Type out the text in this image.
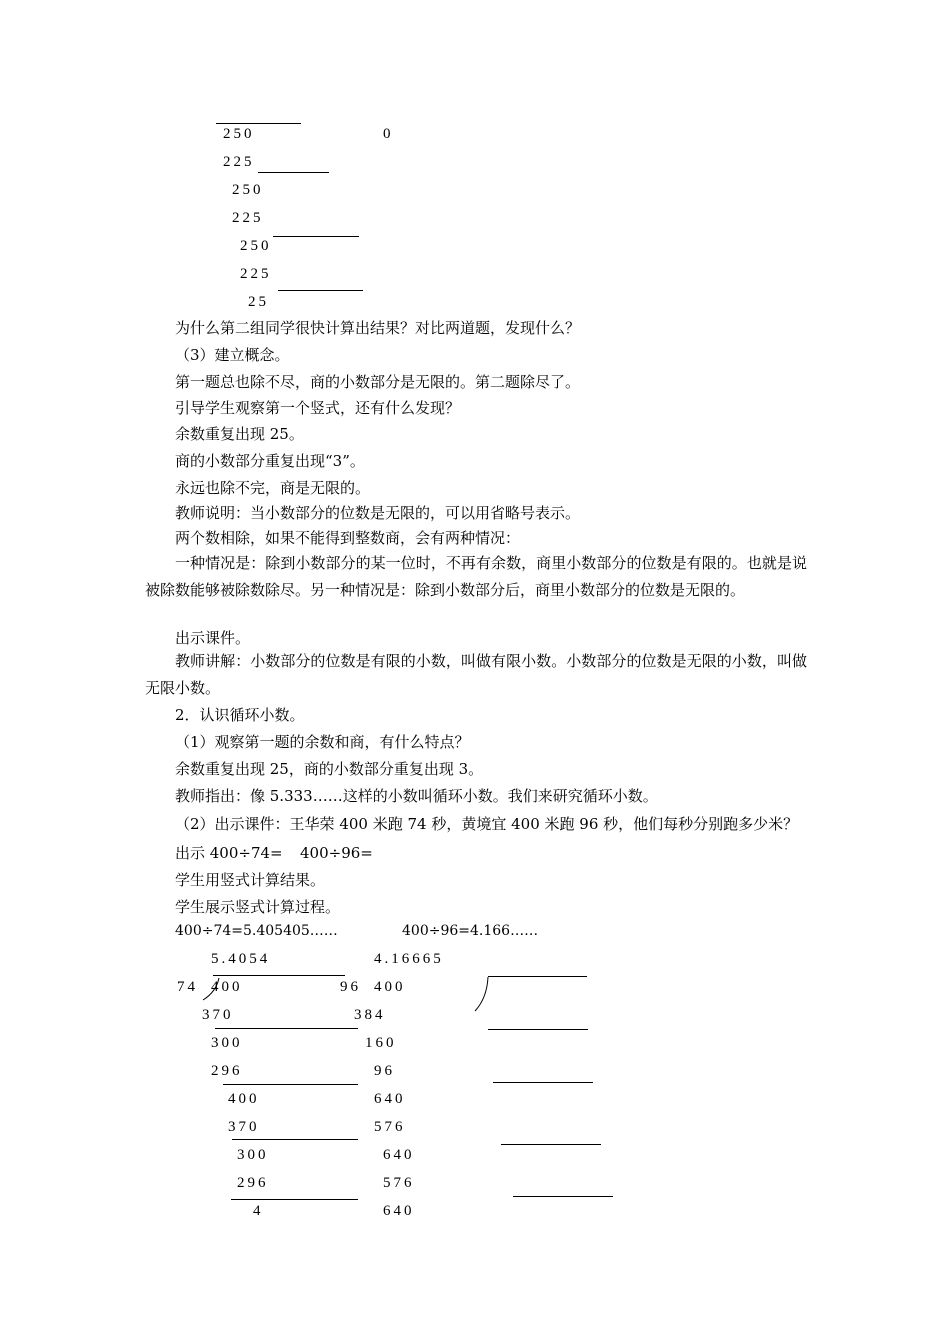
250	0
225
250
225
250
225
25
为什么第二组同学很快计算出结果？对比两道题，发现什么？
（3）建立概念。
第一题总也除不尽，商的小数部分是无限的。第二题除尽了。
引导学生观察第一个竖式，还有什么发现？
余数重复出现 25。
商的小数部分重复出现“3”。
永远也除不完，商是无限的。
教师说明：当小数部分的位数是无限的，可以用省略号表示。
两个数相除，如果不能得到整数商，会有两种情况：
一种情况是：除到小数部分的某一位时，不再有余数，商里小数部分的位数是有限的。也就是说被除数能够被除数除尽。另一种情况是：除到小数部分后，商里小数部分的位数是无限的。
出示课件。
教师讲解：小数部分的位数是有限的小数，叫做有限小数。小数部分的位数是无限的小数，叫做无限小数。
2．认识循环小数。
（1）观察第一题的余数和商，有什么特点？
余数重复出现 25，商的小数部分重复出现 3。
教师指出：像 5.333……这样的小数叫循环小数。我们来研究循环小数。
（2）出示课件：王华荣 400 米跑 74 秒，黄境宜 400 米跑 96 秒，他们每秒分别跑多少米？
出示 400÷74= 400÷96=
学生用竖式计算结果。
学生展示竖式计算过程。
400÷74=5.405405……	400÷96=4.166……
5.4054
74 400
370
300
296
400
370
300
296
4
4.16665
96 400
384
160
96
640
576
640
576
640
